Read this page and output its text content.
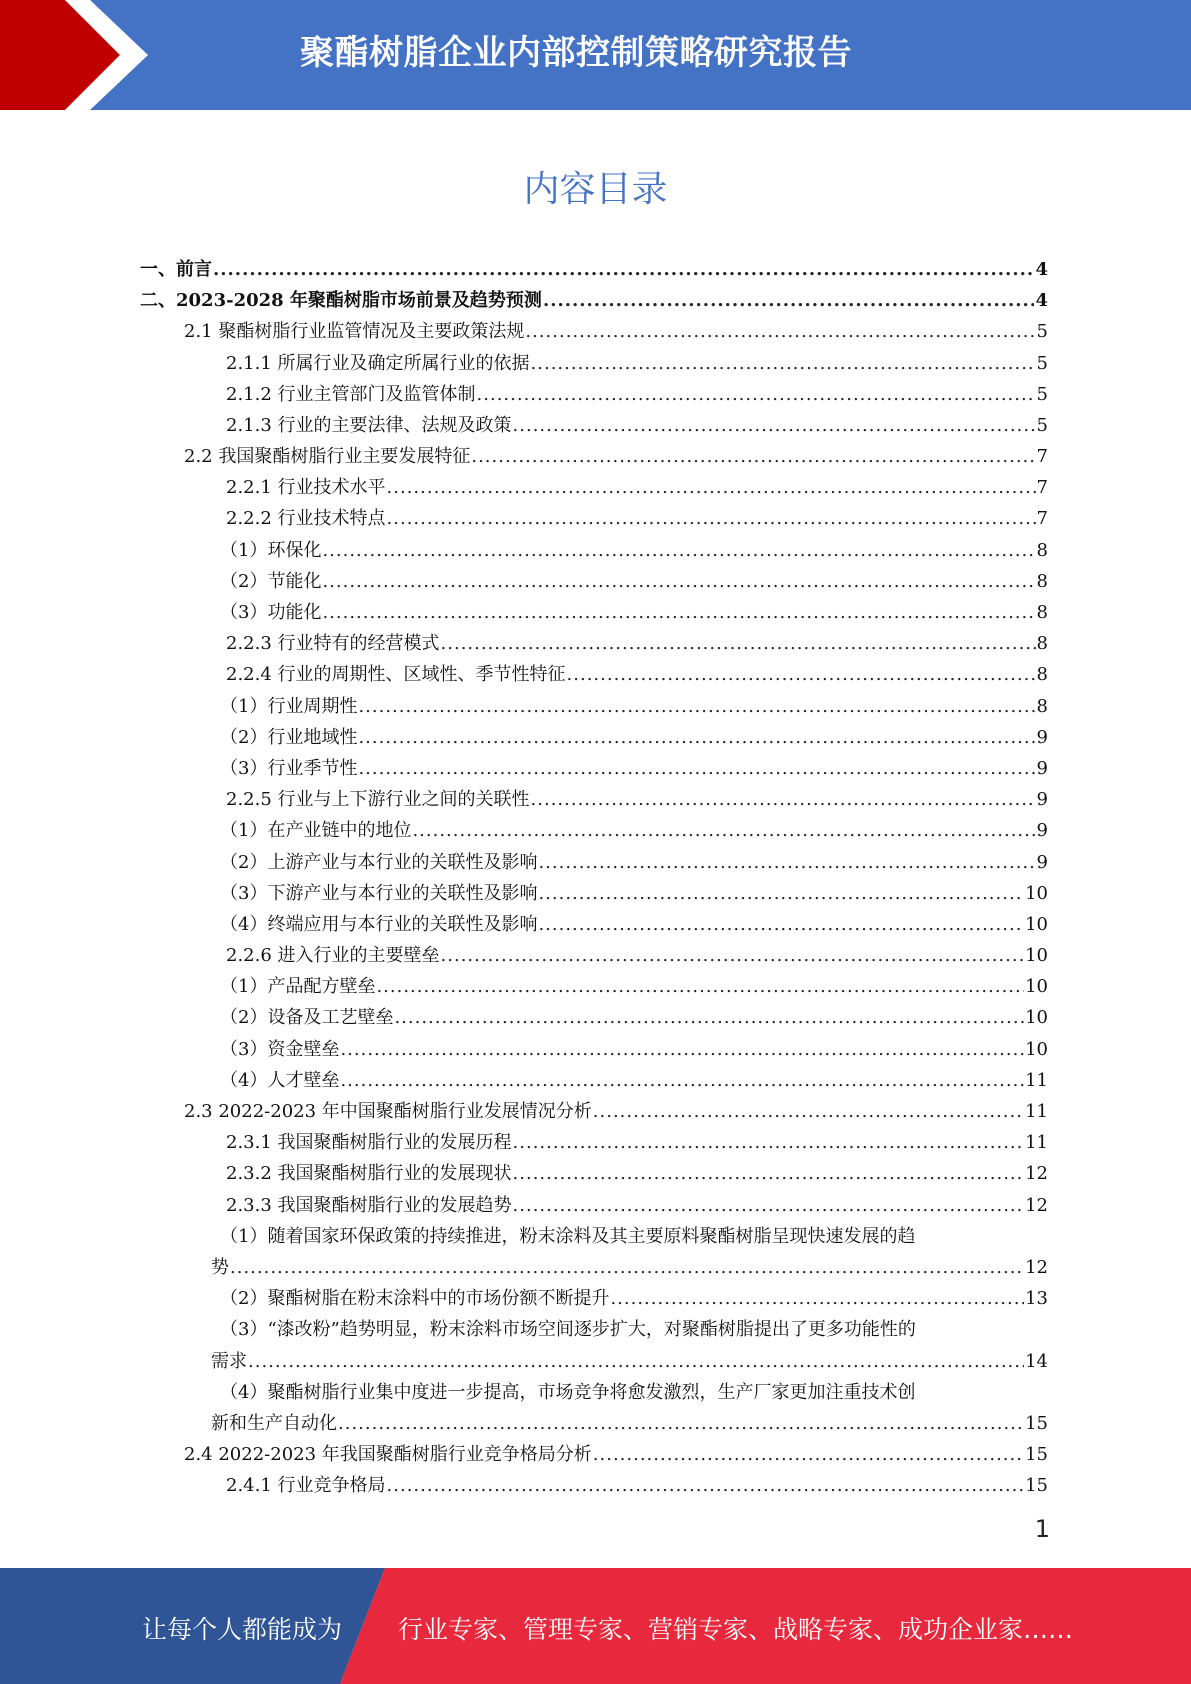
聚酯树脂企业内部控制策略研究报告
内容目录
一、前言 .....	4
二、2023-2028 年聚酯树脂市场前景及趋势预测 .....	4
2.1 聚酯树脂行业监管情况及主要政策法规 .....	5
2.1.1 所属行业及确定所属行业的依据 .....	5
2.1.2 行业主管部门及监管体制 .....	5
2.1.3 行业的主要法律、法规及政策 .....	5
2.2 我国聚酯树脂行业主要发展特征 .....	7
2.2.1 行业技术水平 .....	7
2.2.2 行业技术特点 .....	7
（1）环保化 .....	8
（2）节能化 .....	8
（3）功能化 .....	8
2.2.3 行业特有的经营模式 .....	8
2.2.4 行业的周期性、区域性、季节性特征 .....	8
（1）行业周期性 .....	8
（2）行业地域性 .....	9
（3）行业季节性 .....	9
2.2.5 行业与上下游行业之间的关联性 .....	9
（1）在产业链中的地位 .....	9
（2）上游产业与本行业的关联性及影响 .....	9
（3）下游产业与本行业的关联性及影响 .....	10
（4）终端应用与本行业的关联性及影响 .....	10
2.2.6 进入行业的主要壁垒 .....	10
（1）产品配方壁垒 .....	10
（2）设备及工艺壁垒 .....	10
（3）资金壁垒 .....	10
（4）人才壁垒 .....	11
2.3 2022-2023 年中国聚酯树脂行业发展情况分析 .....	11
2.3.1 我国聚酯树脂行业的发展历程 .....	11
2.3.2 我国聚酯树脂行业的发展现状 .....	12
2.3.3 我国聚酯树脂行业的发展趋势 .....	12
（1）随着国家环保政策的持续推进，粉末涂料及其主要原料聚酯树脂呈现快速发展的趋
势 .....	12
（2）聚酯树脂在粉末涂料中的市场份额不断提升 .....	13
（3）“漆改粉”趋势明显，粉末涂料市场空间逐步扩大，对聚酯树脂提出了更多功能性的
需求 .....	14
（4）聚酯树脂行业集中度进一步提高，市场竞争将愈发激烈，生产厂家更加注重技术创
新和生产自动化 .....	15
2.4 2022-2023 年我国聚酯树脂行业竞争格局分析 .....	15
2.4.1 行业竞争格局 .....	15
1
让每个人都能成为 行业专家、管理专家、营销专家、战略专家、成功企业家……
